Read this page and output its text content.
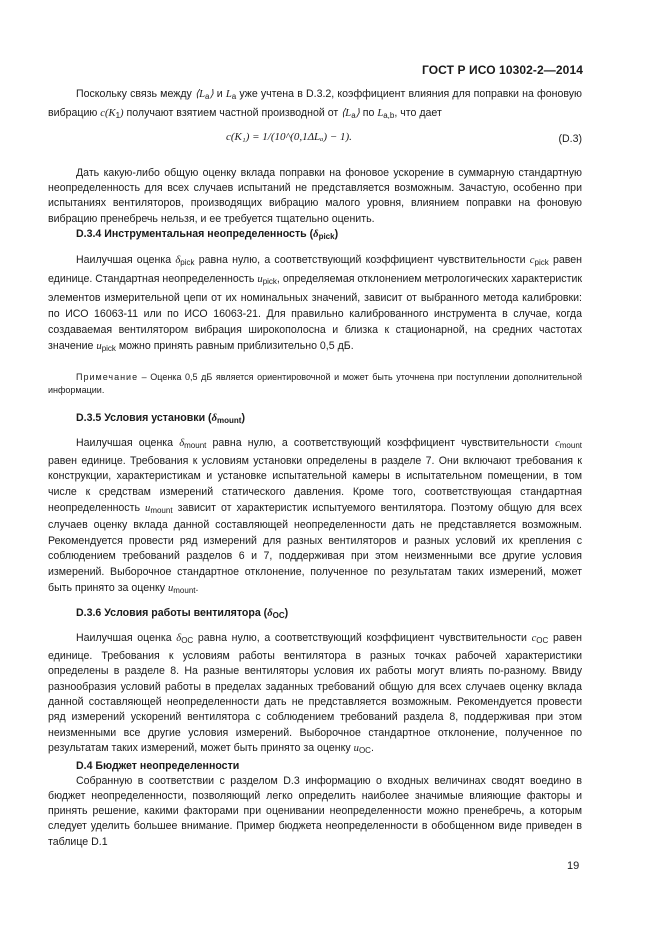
ГОСТ Р ИСО 10302-2—2014

Поскольку связь между $⟨L_a⟩$ и $L_a$ уже учтена в D.3.2, коэффициент влияния для поправки на фоновую вибрацию $c(K_1)$ получают взятием частной производной от $⟨L_a⟩$ по $L_{a,b}$, что дает

c(K₁) = 1/(10^(0,1ΔLₐ) − 1).	(D.3)

Дать какую-либо общую оценку вклада поправки на фоновое ускорение в суммарную стандартную неопределенность для всех случаев испытаний не представляется возможным. Зачастую, особенно при испытаниях вентиляторов, производящих вибрацию малого уровня, влиянием поправки на фоновую вибрацию пренебречь нельзя, и ее требуется тщательно оценить.

D.3.4 Инструментальная неопределенность $(\delta_{pick})$

Наилучшая оценка $\delta_{pick}$ равна нулю, а соответствующий коэффициент чувствительности $c_{pick}$ равен единице. Стандартная неопределенность $u_{pick}$, определяемая отклонением метрологических характеристик элементов измерительной цепи от их номинальных значений, зависит от выбранного метода калибровки: по ИСО 16063-11 или по ИСО 16063-21. Для правильно калиброванного инструмента в случае, когда создаваемая вентилятором вибрация широкополосна и близка к стационарной, на средних частотах значение $u_{pick}$ можно принять равным приблизительно 0,5 дБ.

Примечание – Оценка 0,5 дБ является ориентировочной и может быть уточнена при поступлении дополнительной информации.

D.3.5 Условия установки $(\delta_{mount})$

Наилучшая оценка $\delta_{mount}$ равна нулю, а соответствующий коэффициент чувствительности $c_{mount}$ равен единице. Требования к условиям установки определены в разделе 7. Они включают требования к конструкции, характеристикам и установке испытательной камеры в испытательном помещении, в том числе к средствам измерений статического давления. Кроме того, соответствующая стандартная неопределенность $u_{mount}$ зависит от характеристик испытуемого вентилятора. Поэтому общую для всех случаев оценку вклада данной составляющей неопределенности дать не представляется возможным. Рекомендуется провести ряд измерений для разных вентиляторов и разных условий их крепления с соблюдением требований разделов 6 и 7, поддерживая при этом неизменными все другие условия измерений. Выборочное стандартное отклонение, полученное по результатам таких измерений, может быть принято за оценку $u_{mount}$.

D.3.6 Условия работы вентилятора $(\delta_{OC})$

Наилучшая оценка $\delta_{OC}$ равна нулю, а соответствующий коэффициент чувствительности $c_{OC}$ равен единице. Требования к условиям работы вентилятора в разных точках рабочей характеристики определены в разделе 8. На разные вентиляторы условия их работы могут влиять по-разному. Ввиду разнообразия условий работы в пределах заданных требований общую для всех случаев оценку вклада данной составляющей неопределенности дать не представляется возможным. Рекомендуется провести ряд измерений ускорений вентилятора с соблюдением требований раздела 8, поддерживая при этом неизменными все другие условия измерений. Выборочное стандартное отклонение, полученное по результатам таких измерений, может быть принято за оценку $u_{OC}$.

D.4 Бюджет неопределенности

Собранную в соответствии с разделом D.3 информацию о входных величинах сводят воедино в бюджет неопределенности, позволяющий легко определить наиболее значимые влияющие факторы и принять решение, какими факторами при оценивании неопределенности можно пренебречь, а которым следует уделить большее внимание. Пример бюджета неопределенности в обобщенном виде приведен в таблице D.1

19
